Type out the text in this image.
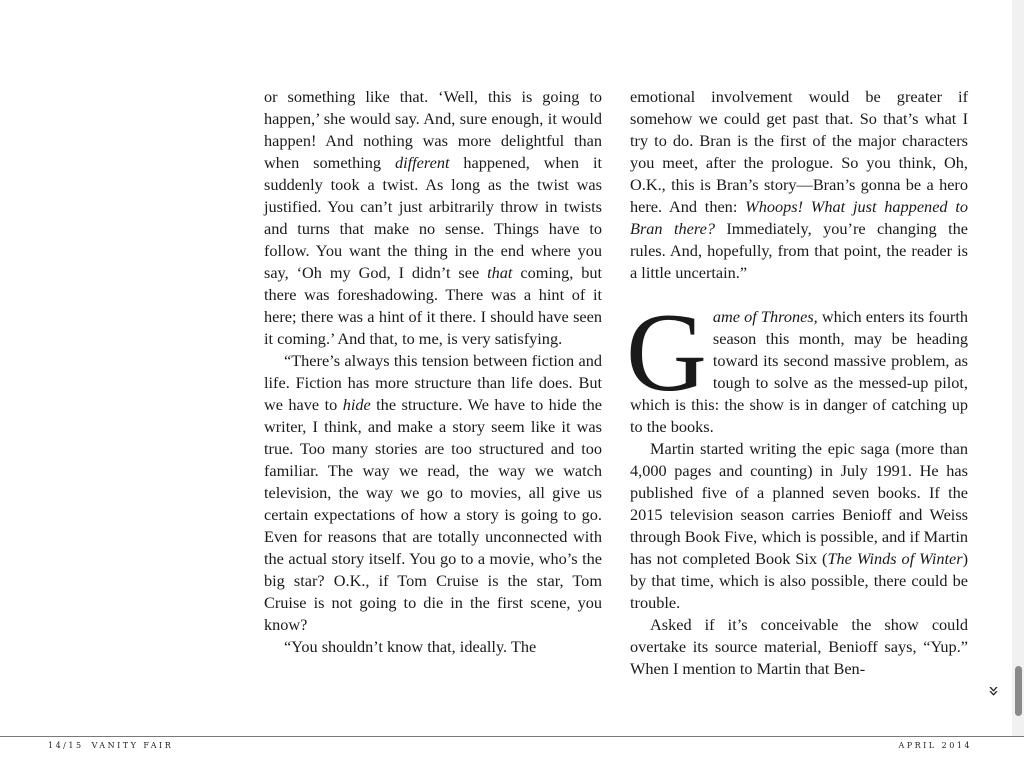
or something like that. ‘Well, this is going to happen,’ she would say. And, sure enough, it would happen! And nothing was more delightful than when something different happened, when it suddenly took a twist. As long as the twist was justified. You can’t just arbitrarily throw in twists and turns that make no sense. Things have to follow. You want the thing in the end where you say, ‘Oh my God, I didn’t see that coming, but there was foreshadowing. There was a hint of it here; there was a hint of it there. I should have seen it coming.’ And that, to me, is very satisfying.

“There’s always this tension between fiction and life. Fiction has more structure than life does. But we have to hide the structure. We have to hide the writer, I think, and make a story seem like it was true. Too many stories are too structured and too familiar. The way we read, the way we watch television, the way we go to movies, all give us certain expectations of how a story is going to go. Even for reasons that are totally unconnected with the actual story itself. You go to a movie, who’s the big star? O.K., if Tom Cruise is the star, Tom Cruise is not going to die in the first scene, you know?

“You shouldn’t know that, ideally. The

emotional involvement would be greater if somehow we could get past that. So that’s what I try to do. Bran is the first of the major characters you meet, after the prologue. So you think, Oh, O.K., this is Bran’s story—Bran’s gonna be a hero here. And then: Whoops! What just happened to Bran there? Immediately, you’re changing the rules. And, hopefully, from that point, the reader is a little uncertain.”

Game of Thrones, which enters its fourth season this month, may be heading toward its second massive problem, as tough to solve as the messed-up pilot, which is this: the show is in danger of catching up to the books.

Martin started writing the epic saga (more than 4,000 pages and counting) in July 1991. He has published five of a planned seven books. If the 2015 television season carries Benioff and Weiss through Book Five, which is possible, and if Martin has not completed Book Six (The Winds of Winter) by that time, which is also possible, there could be trouble.

Asked if it’s conceivable the show could overtake its source material, Benioff says, “Yup.” When I mention to Martin that Ben-

»
14/15 VANITY FAIR	APRIL 2014
